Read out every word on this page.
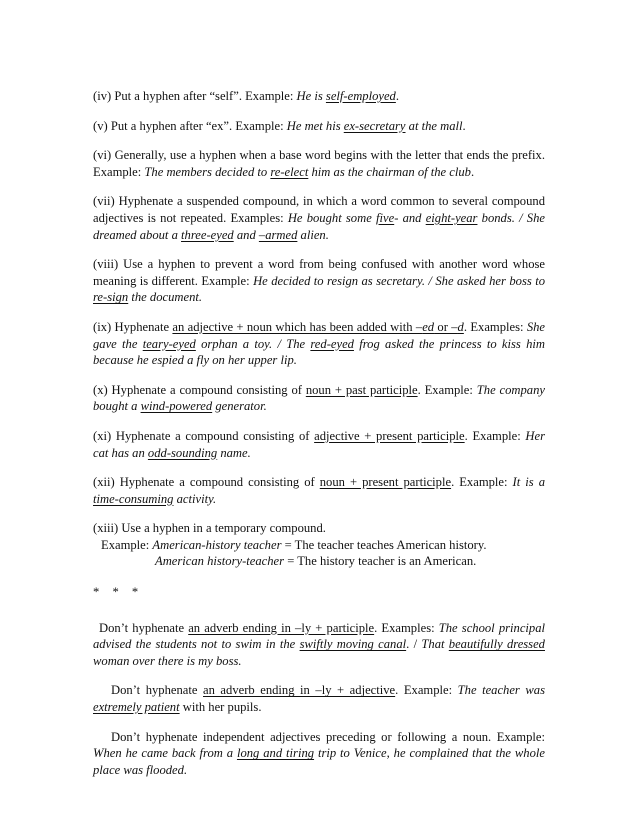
(iv) Put a hyphen after “self”. Example: He is self-employed.

(v) Put a hyphen after “ex”. Example: He met his ex-secretary at the mall.

(vi) Generally, use a hyphen when a base word begins with the letter that ends the prefix. Example: The members decided to re-elect him as the chairman of the club.

(vii) Hyphenate a suspended compound, in which a word common to several compound adjectives is not repeated. Examples: He bought some five- and eight-year bonds. / She dreamed about a three-eyed and –armed alien.

(viii) Use a hyphen to prevent a word from being confused with another word whose meaning is different. Example: He decided to resign as secretary. / She asked her boss to re-sign the document.

(ix) Hyphenate an adjective + noun which has been added with –ed or –d. Examples: She gave the teary-eyed orphan a toy. / The red-eyed frog asked the princess to kiss him because he espied a fly on her upper lip.

(x) Hyphenate a compound consisting of noun + past participle. Example: The company bought a wind-powered generator.

(xi) Hyphenate a compound consisting of adjective + present participle. Example: Her cat has an odd-sounding name.

(xii) Hyphenate a compound consisting of noun + present participle. Example: It is a time-consuming activity.

(xiii) Use a hyphen in a temporary compound.

Example: American-history teacher = The teacher teaches American history.

American history-teacher = The history teacher is an American.

* * *

Don’t hyphenate an adverb ending in –ly + participle. Examples: The school principal advised the students not to swim in the swiftly moving canal. / That beautifully dressed woman over there is my boss.

Don’t hyphenate an adverb ending in –ly + adjective. Example: The teacher was extremely patient with her pupils.

Don’t hyphenate independent adjectives preceding or following a noun. Example: When he came back from a long and tiring trip to Venice, he complained that the whole place was flooded.
